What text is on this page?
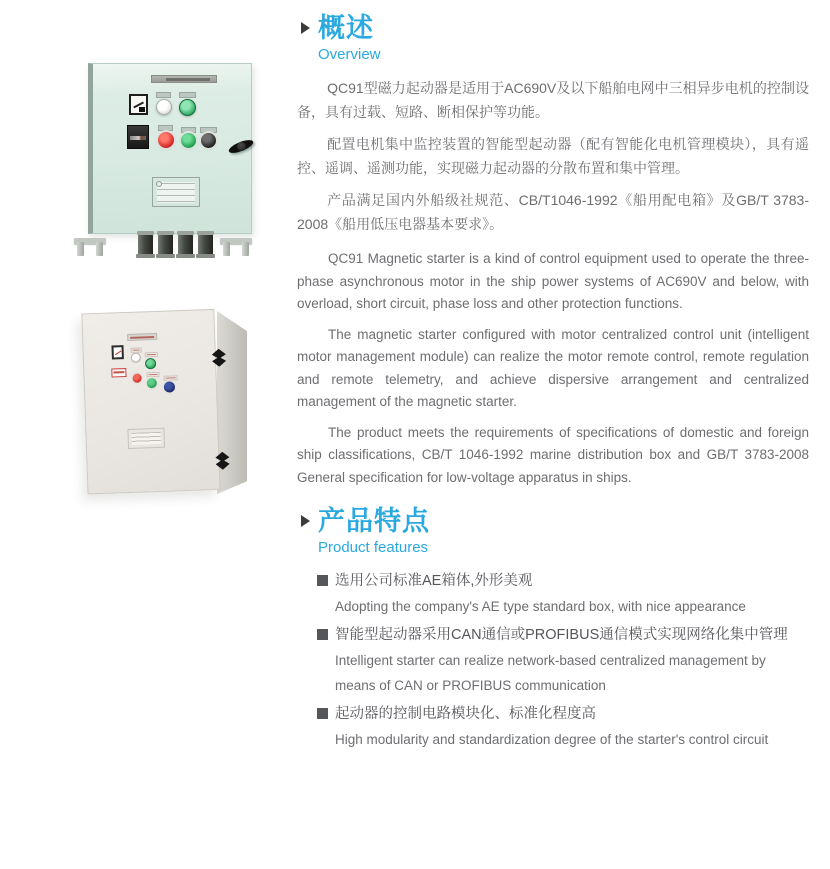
概述
Overview

QC91型磁力起动器是适用于AC690V及以下船舶电网中三相异步电机的控制设备，具有过载、短路、断相保护等功能。

配置电机集中监控装置的智能型起动器（配有智能化电机管理模块），具有遥控、遥调、遥测功能，实现磁力起动器的分散布置和集中管理。

产品满足国内外船级社规范、CB/T1046-1992《船用配电箱》及GB/T 3783-2008《船用低压电器基本要求》。

QC91 Magnetic starter is a kind of control equipment used to operate the three-phase asynchronous motor in the ship power systems of AC690V and below, with overload, short circuit, phase loss and other protection functions.

The magnetic starter configured with motor centralized control unit (intelligent motor management module) can realize the motor remote control, remote regulation and remote telemetry, and achieve dispersive arrangement and centralized management of the magnetic starter.

The product meets the requirements of specifications of domestic and foreign ship classifications, CB/T 1046-1992 marine distribution box and GB/T 3783-2008 General specification for low-voltage apparatus in ships.

产品特点
Product features
选用公司标准AE箱体,外形美观
Adopting the company's AE type standard box, with nice appearance
智能型起动器采用CAN通信或PROFIBUS通信模式实现网络化集中管理
Intelligent starter can realize network-based centralized management by means of CAN or PROFIBUS communication
起动器的控制电路模块化、标准化程度高
High modularity and standardization degree of the starter's control circuit
